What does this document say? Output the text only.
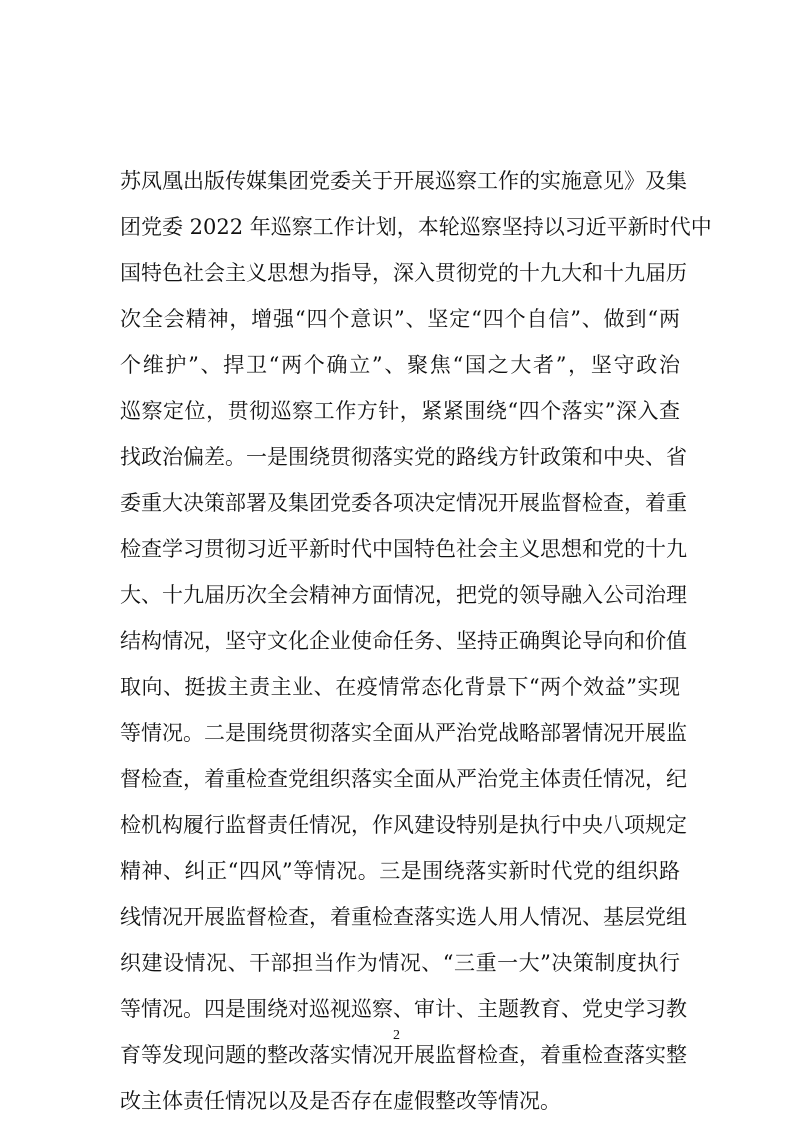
苏凤凰出版传媒集团党委关于开展巡察工作的实施意见》及集
团党委 2022 年巡察工作计划，本轮巡察坚持以习近平新时代中
国特色社会主义思想为指导，深入贯彻党的十九大和十九届历
次全会精神，增强“四个意识”、坚定“四个自信”、做到“两
个维护”、捍卫“两个确立”、聚焦“国之大者”，坚守政治
巡察定位，贯彻巡察工作方针，紧紧围绕“四个落实”深入查
找政治偏差。一是围绕贯彻落实党的路线方针政策和中央、省
委重大决策部署及集团党委各项决定情况开展监督检查，着重
检查学习贯彻习近平新时代中国特色社会主义思想和党的十九
大、十九届历次全会精神方面情况，把党的领导融入公司治理
结构情况，坚守文化企业使命任务、坚持正确舆论导向和价值
取向、挺拔主责主业、在疫情常态化背景下“两个效益”实现
等情况。二是围绕贯彻落实全面从严治党战略部署情况开展监
督检查，着重检查党组织落实全面从严治党主体责任情况，纪
检机构履行监督责任情况，作风建设特别是执行中央八项规定
精神、纠正“四风”等情况。三是围绕落实新时代党的组织路
线情况开展监督检查，着重检查落实选人用人情况、基层党组
织建设情况、干部担当作为情况、“三重一大”决策制度执行
等情况。四是围绕对巡视巡察、审计、主题教育、党史学习教
育等发现问题的整改落实情况开展监督检查，着重检查落实整
改主体责任情况以及是否存在虚假整改等情况。
2
